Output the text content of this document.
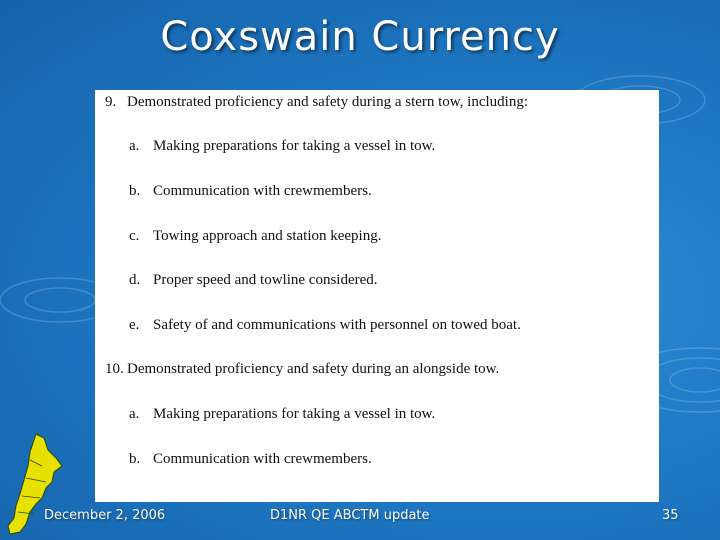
Coxswain Currency
9. Demonstrated proficiency and safety during a stern tow, including:
a. Making preparations for taking a vessel in tow.
b. Communication with crewmembers.
c. Towing approach and station keeping.
d. Proper speed and towline considered.
e. Safety of and communications with personnel on towed boat.
10. Demonstrated proficiency and safety during an alongside tow.
a. Making preparations for taking a vessel in tow.
b. Communication with crewmembers.
December 2, 2006	D1NR QE ABCTM update	35
